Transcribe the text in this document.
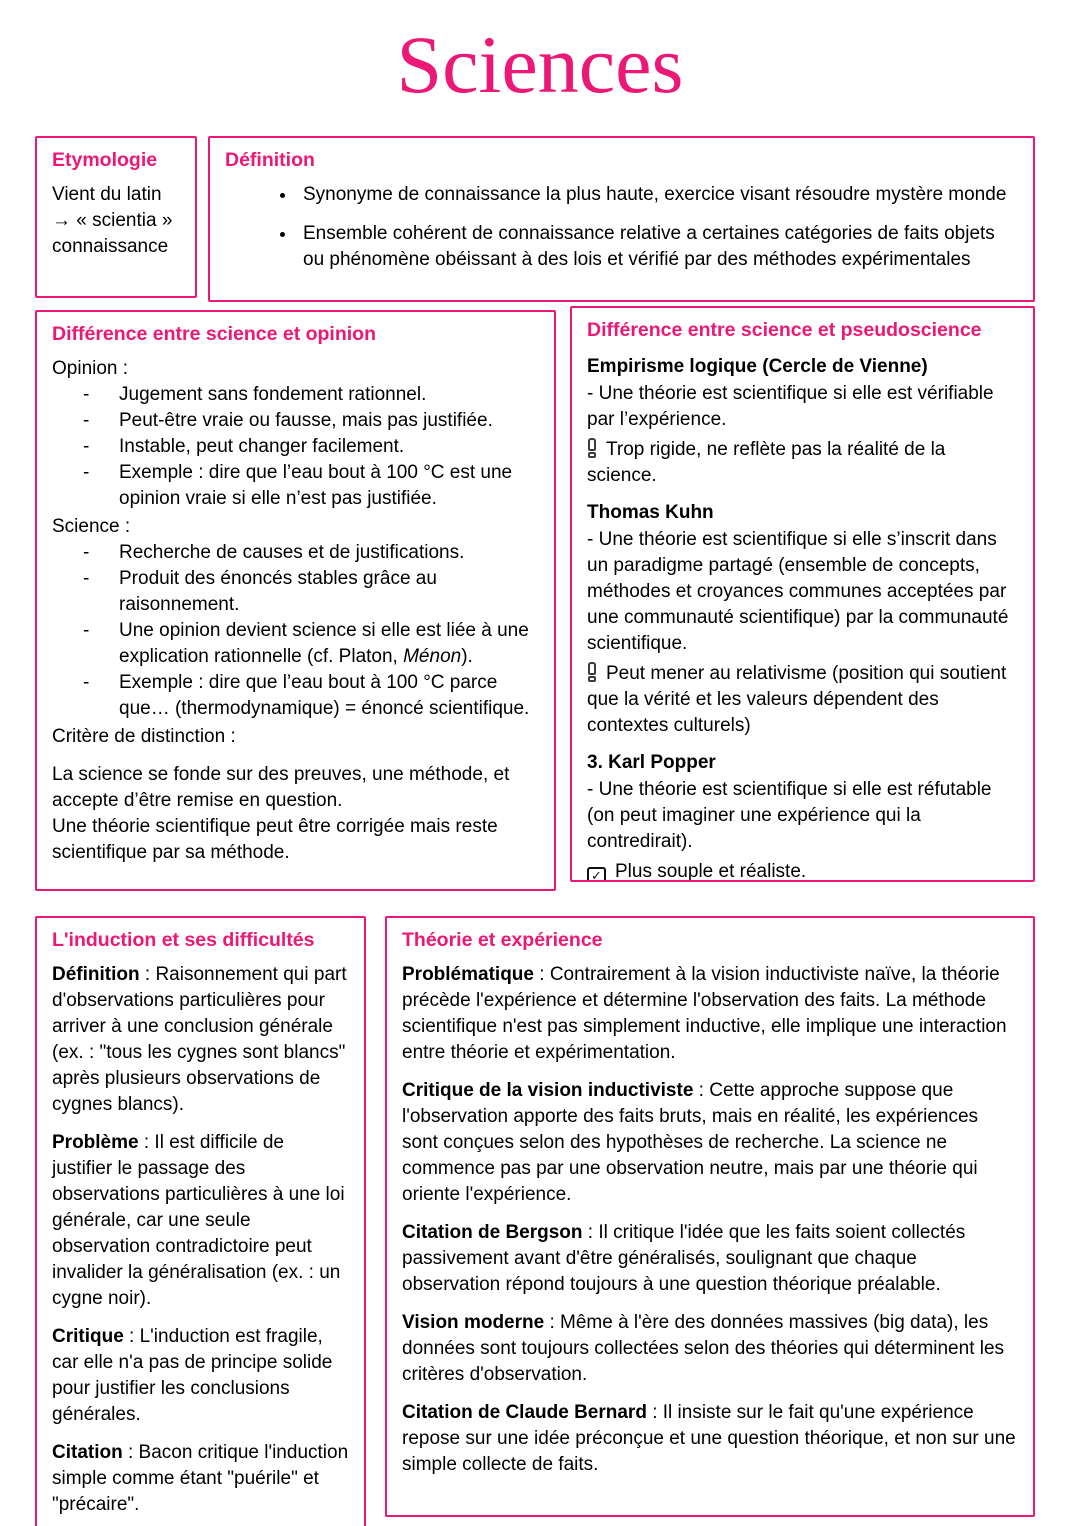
Sciences
Etymologie
Vient du latin
→ « scientia »
connaissance
Définition
• Synonyme de connaissance la plus haute, exercice visant résoudre mystère monde
• Ensemble cohérent de connaissance relative a certaines catégories de faits objets ou phénomène obéissant à des lois et vérifié par des méthodes expérimentales
Différence entre science et opinion
Opinion :
- Jugement sans fondement rationnel.
- Peut-être vraie ou fausse, mais pas justifiée.
- Instable, peut changer facilement.
- Exemple : dire que l’eau bout à 100 °C est une opinion vraie si elle n’est pas justifiée.
Science :
- Recherche de causes et de justifications.
- Produit des énoncés stables grâce au raisonnement.
- Une opinion devient science si elle est liée à une explication rationnelle (cf. Platon, Ménon).
- Exemple : dire que l’eau bout à 100 °C parce que… (thermodynamique) = énoncé scientifique.
Critère de distinction :
La science se fonde sur des preuves, une méthode, et accepte d’être remise en question.
Une théorie scientifique peut être corrigée mais reste scientifique par sa méthode.
Différence entre science et pseudoscience
Empirisme logique (Cercle de Vienne)
- Une théorie est scientifique si elle est vérifiable par l’expérience.
Trop rigide, ne reflète pas la réalité de la science.
Thomas Kuhn
- Une théorie est scientifique si elle s’inscrit dans un paradigme partagé (ensemble de concepts, méthodes et croyances communes acceptées par une communauté scientifique) par la communauté scientifique.
Peut mener au relativisme (position qui soutient que la vérité et les valeurs dépendent des contextes culturels)
3. Karl Popper
- Une théorie est scientifique si elle est réfutable (on peut imaginer une expérience qui la contredirait).
✓ Plus souple et réaliste.
L'induction et ses difficultés
Définition : Raisonnement qui part d'observations particulières pour arriver à une conclusion générale (ex. : "tous les cygnes sont blancs" après plusieurs observations de cygnes blancs).
Problème : Il est difficile de justifier le passage des observations particulières à une loi générale, car une seule observation contradictoire peut invalider la généralisation (ex. : un cygne noir).
Critique : L'induction est fragile, car elle n'a pas de principe solide pour justifier les conclusions générales.
Citation : Bacon critique l'induction simple comme étant "puérile" et "précaire".
Théorie et expérience
Problématique : Contrairement à la vision inductiviste naïve, la théorie précède l'expérience et détermine l'observation des faits. La méthode scientifique n'est pas simplement inductive, elle implique une interaction entre théorie et expérimentation.
Critique de la vision inductiviste : Cette approche suppose que l'observation apporte des faits bruts, mais en réalité, les expériences sont conçues selon des hypothèses de recherche. La science ne commence pas par une observation neutre, mais par une théorie qui oriente l'expérience.
Citation de Bergson : Il critique l'idée que les faits soient collectés passivement avant d'être généralisés, soulignant que chaque observation répond toujours à une question théorique préalable.
Vision moderne : Même à l'ère des données massives (big data), les données sont toujours collectées selon des théories qui déterminent les critères d'observation.
Citation de Claude Bernard : Il insiste sur le fait qu'une expérience repose sur une idée préconçue et une question théorique, et non sur une simple collecte de faits.
